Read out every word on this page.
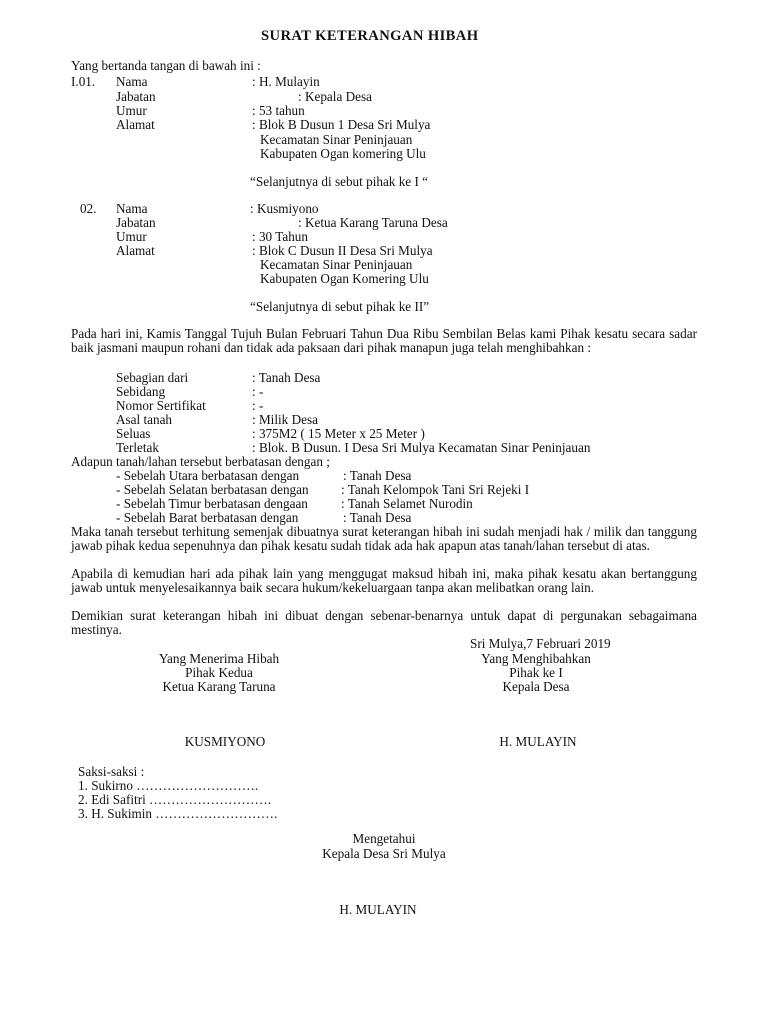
SURAT KETERANGAN HIBAH
Yang bertanda tangan di bawah ini :
I.01. Nama	: H. Mulayin
Jabatan	: Kepala Desa
Umur	: 53 tahun
Alamat	: Blok B Dusun 1 Desa Sri Mulya
Kecamatan Sinar Peninjauan
Kabupaten Ogan komering Ulu
“Selanjutnya di sebut pihak ke I “
02. Nama	: Kusmiyono
Jabatan	: Ketua Karang Taruna Desa
Umur	: 30 Tahun
Alamat	: Blok C Dusun II Desa Sri Mulya
Kecamatan Sinar Peninjauan
Kabupaten Ogan Komering Ulu
“Selanjutnya di sebut pihak ke II”
Pada hari ini, Kamis Tanggal Tujuh Bulan Februari Tahun Dua Ribu Sembilan Belas kami Pihak kesatu secara sadar baik jasmani maupun rohani dan tidak ada paksaan dari pihak manapun juga telah menghibahkan :
Sebagian dari	: Tanah Desa
Sebidang	: -
Nomor Sertifikat	: -
Asal tanah	: Milik Desa
Seluas	: 375M2 ( 15 Meter x 25 Meter )
Terletak	: Blok. B Dusun. I Desa Sri Mulya Kecamatan Sinar Peninjauan
Adapun tanah/lahan tersebut berbatasan dengan ;
- Sebelah Utara berbatasan dengan	: Tanah Desa
- Sebelah Selatan berbatasan dengan : Tanah Kelompok Tani Sri Rejeki I
- Sebelah Timur berbatasan dengaan	: Tanah Selamet Nurodin
- Sebelah Barat berbatasan dengan	: Tanah Desa
Maka tanah tersebut terhitung semenjak dibuatnya surat keterangan hibah ini sudah menjadi hak / milik dan tanggung jawab pihak kedua sepenuhnya dan pihak kesatu sudah tidak ada hak apapun atas tanah/lahan tersebut di atas.
Apabila di kemudian hari ada pihak lain yang menggugat maksud hibah ini, maka pihak kesatu akan bertanggung jawab untuk menyelesaikannya baik secara hukum/kekeluargaan tanpa akan melibatkan orang lain.
Demikian surat keterangan hibah ini dibuat dengan sebenar-benarnya untuk dapat di pergunakan sebagaimana mestinya.
Sri Mulya,7 Februari 2019
Yang Menerima Hibah
Pihak Kedua
Ketua Karang Taruna
KUSMIYONO
Yang Menghibahkan
Pihak ke I
Kepala Desa
H. MULAYIN
Saksi-saksi :
1. Sukirno ……………………….
2. Edi Safitri ……………………….
3. H. Sukimin ……………………….
Mengetahui
Kepala Desa Sri Mulya
H. MULAYIN
